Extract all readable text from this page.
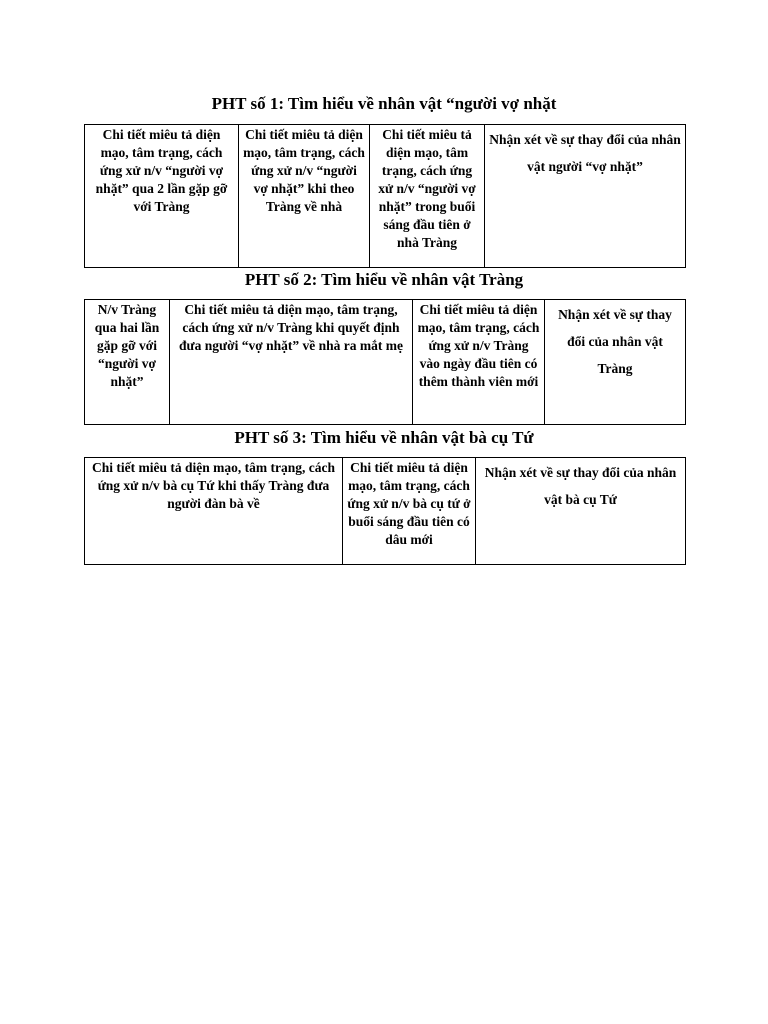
PHT số 1: Tìm hiểu về nhân vật “người vợ nhặt
Chi tiết miêu tả diện mạo, tâm trạng, cách ứng xử n/v “người vợ nhặt” qua 2 lần gặp gỡ với Tràng	Chi tiết miêu tả diện mạo, tâm trạng, cách ứng xử n/v “người vợ nhặt” khi theo Tràng về nhà	Chi tiết miêu tả diện mạo, tâm trạng, cách ứng xử n/v “người vợ nhặt” trong buổi sáng đầu tiên ở nhà Tràng	Nhận xét về sự thay đổi của nhân vật người “vợ nhặt”
PHT số 2: Tìm hiểu về nhân vật Tràng
N/v Tràng qua hai lần gặp gỡ với “người vợ nhặt”	Chi tiết miêu tả diện mạo, tâm trạng, cách ứng xử n/v Tràng khi quyết định đưa người “vợ nhặt” về nhà ra mắt mẹ	Chi tiết miêu tả diện mạo, tâm trạng, cách ứng xử n/v Tràng vào ngày đầu tiên có thêm thành viên mới	Nhận xét về sự thay đổi của nhân vật Tràng
PHT số 3: Tìm hiểu về nhân vật bà cụ Tứ
Chi tiết miêu tả diện mạo, tâm trạng, cách ứng xử n/v bà cụ Tứ khi thấy Tràng đưa người đàn bà về	Chi tiết miêu tả diện mạo, tâm trạng, cách ứng xử n/v bà cụ tứ ở buổi sáng đầu tiên có dâu mới	Nhận xét về sự thay đổi của nhân vật bà cụ Tứ
